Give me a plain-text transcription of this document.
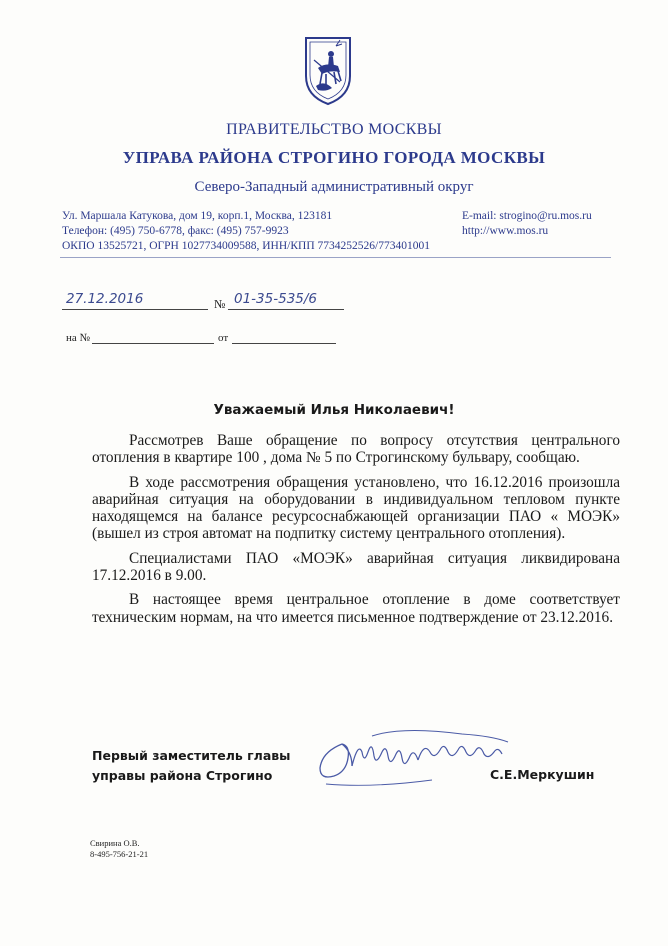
ПРАВИТЕЛЬСТВО МОСКВЫ
УПРАВА РАЙОНА СТРОГИНО ГОРОДА МОСКВЫ
Северо-Западный административный округ
Ул. Маршала Катукова, дом 19, корп.1, Москва, 123181
Телефон: (495) 750-6778, факс: (495) 757-9923
ОКПО 13525721, ОГРН 1027734009588, ИНН/КПП 7734252526/773401001
E-mail: strogino@ru.mos.ru
http://www.mos.ru
27.12.2016	№ 01-35-535/6
на №	от
Уважаемый Илья Николаевич!

Рассмотрев Ваше обращение по вопросу отсутствия центрального отопления в квартире 100 , дома № 5 по Строгинскому бульвару, сообщаю.

В ходе рассмотрения обращения установлено, что 16.12.2016 произошла аварийная ситуация на оборудовании в индивидуальном тепловом пункте находящемся на балансе ресурсоснабжающей организации ПАО « МОЭК» (вышел из строя автомат на подпитку систему центрального отопления).

Специалистами ПАО «МОЭК» аварийная ситуация ликвидирована 17.12.2016 в 9.00.

В настоящее время центральное отопление в доме соответствует техническим нормам, на что имеется письменное подтверждение от 23.12.2016.

Первый заместитель главы
управы района Строгино	С.Е.Меркушин
Свирина О.В.
8-495-756-21-21
